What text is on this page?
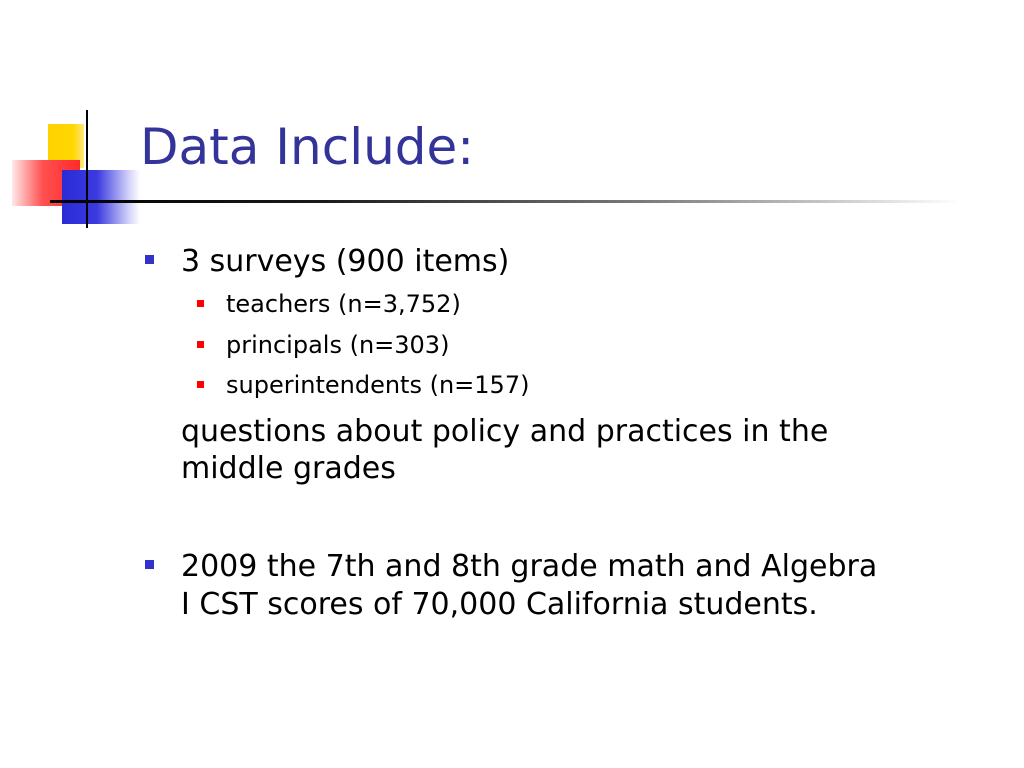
Data Include:
3 surveys (900 items)
teachers (n=3,752)
principals (n=303)
superintendents (n=157)
questions about policy and practices in the
middle grades
2009 the 7th and 8th grade math and Algebra
I CST scores of 70,000 California students.
